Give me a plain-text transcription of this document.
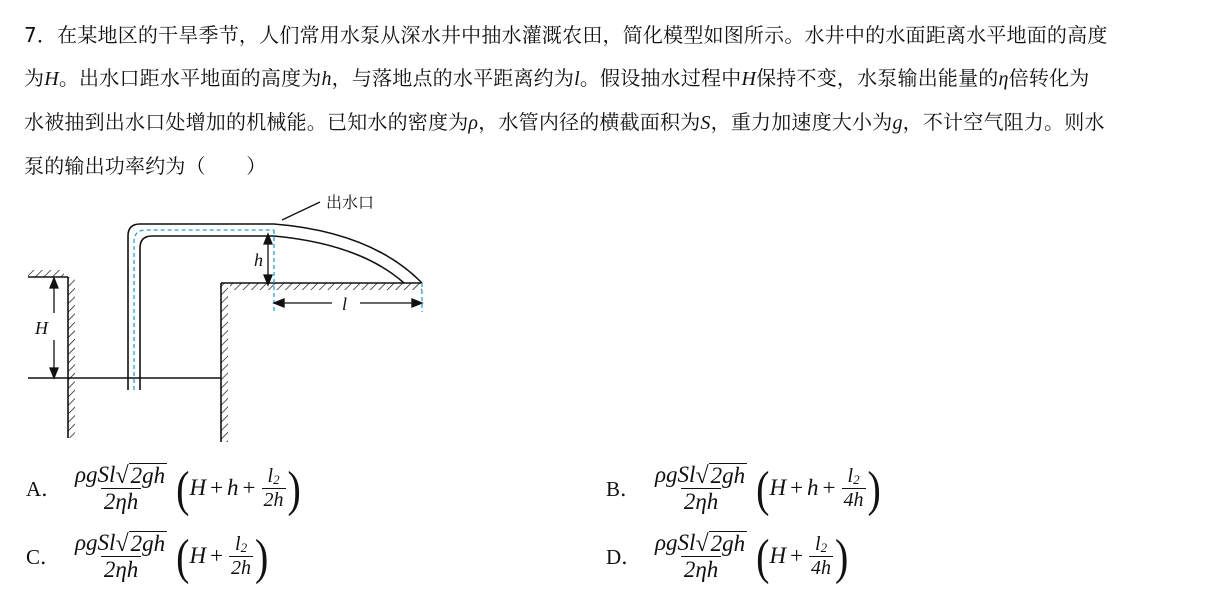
7．在某地区的干旱季节，人们常用水泵从深水井中抽水灌溉农田，简化模型如图所示。水井中的水面距离水平地面的高度
为H。出水口距水平地面的高度为h，与落地点的水平距离约为l。假设抽水过程中H保持不变，水泵输出能量的η倍转化为
水被抽到出水口处增加的机械能。已知水的密度为ρ，水管内径的横截面积为S，重力加速度大小为g，不计空气阻力。则水
泵的输出功率约为（　　）
出水口
h
l
H
A． $\frac{\text{ρgSl √ 2gh}}{2\eta h}$ ( $H + h + \frac{l 2}{2h}$ )	B． $\frac{\text{ρgSl √ 2gh}}{2\eta h}$ ( $H + h + \frac{l 2}{4h}$ )
C． $\frac{\text{ρgSl √ 2gh}}{2\eta h}$ ( $H + \frac{l 2}{2h}$ )	D． $\frac{\text{ρgSl √ 2gh}}{2\eta h}$ ( $H + \frac{l 2}{4h}$ )
